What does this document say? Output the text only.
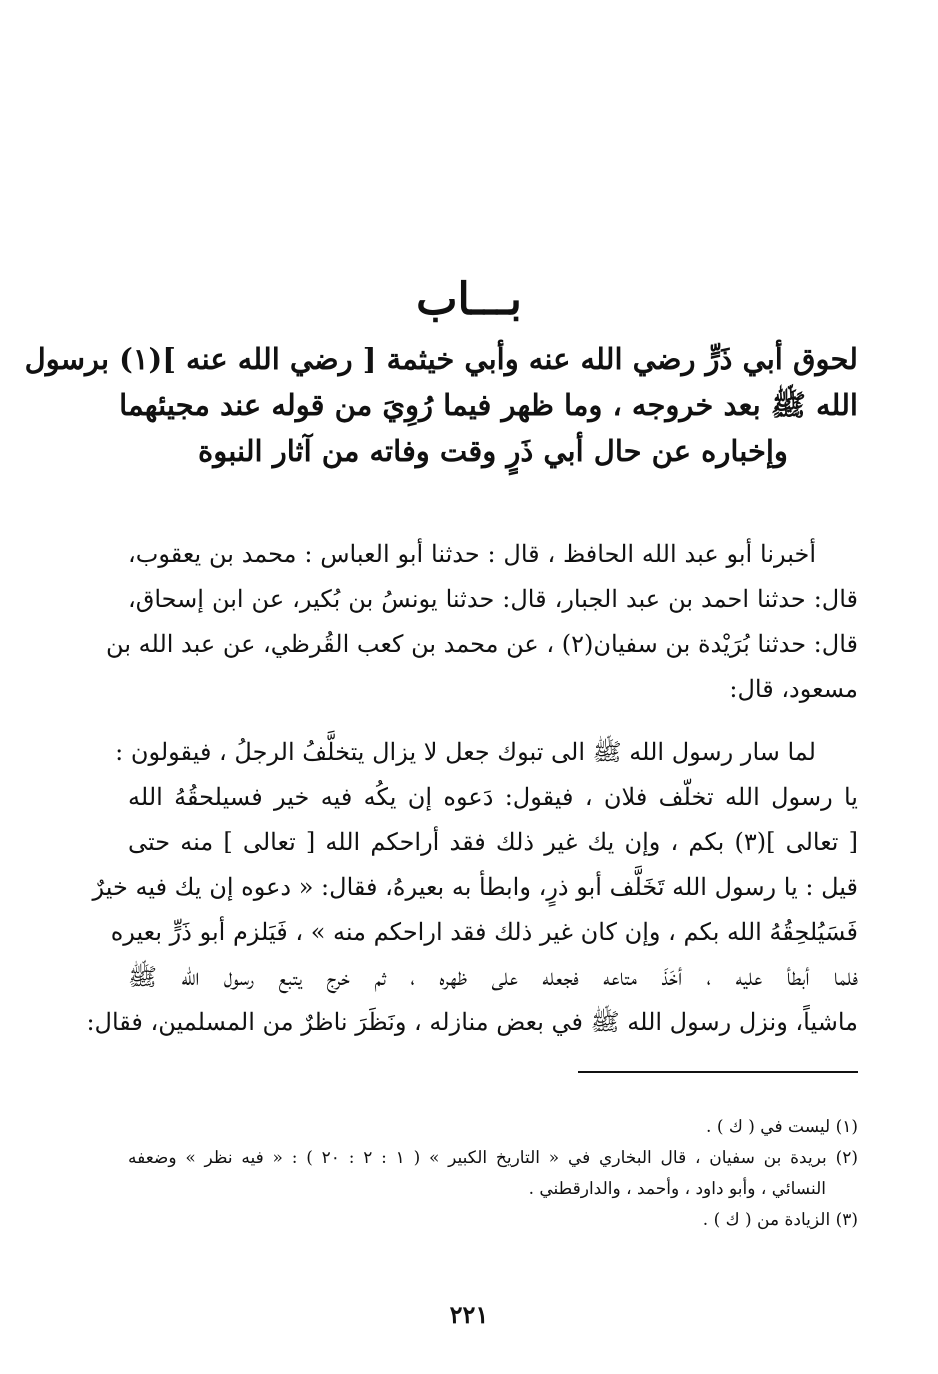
بـــاب
لحوق أبي ذَرٍّ رضي الله عنه وأبي خيثمة [ رضي الله عنه ](١) برسول
الله ﷺ بعد خروجه ، وما ظهر فيما رُوِيَ من قوله عند مجيئهما
وإخباره عن حال أبي ذَرٍ وقت وفاته من آثار النبوة
أخبرنا أبو عبد الله الحافظ ، قال : حدثنا أبو العباس : محمد بن يعقوب،
قال: حدثنا احمد بن عبد الجبار، قال: حدثنا يونسُ بن بُكير، عن ابن إسحاق،
قال: حدثنا بُرَيْدة بن سفيان(٢) ، عن محمد بن كعب القُرظي، عن عبد الله بن
مسعود، قال:
لما سار رسول الله ﷺ الى تبوك جعل لا يزال يتخلَّفُ الرجلُ ، فيقولون :
يا رسول الله تخلّف فلان ، فيقول: دَعوه إن يكُه فيه خير فسيلحقُهُ الله
[ تعالى ](٣) بكم ، وإن يك غير ذلك فقد أراحكم الله [ تعالى ] منه حتى
قيل : يا رسول الله تَخَلَّف أبو ذرٍ، وابطأ به بعيرهُ، فقال: « دعوه إن يك فيه خيرٌ
فَسَيُلحِقُهُ الله بكم ، وإن كان غير ذلك فقد اراحكم منه » ، فَيَلزم أبو ذَرٍّ بعيره
فلما أبطأ عليه ، أخَذَ متاعه فجعله على ظهره ، ثم خرج يتبع رسول الله ﷺ
ماشياً، ونزل رسول الله ﷺ في بعض منازله ، ونَظَرَ ناظرٌ من المسلمين، فقال:
(١) ليست في ( ك ) .
(٢) بريدة بن سفيان ، قال البخاري في « التاريخ الكبير » ( ١ : ٢ : ٢٠ ) : « فيه نظر » وضعفه
النسائي ، وأبو داود ، وأحمد ، والدارقطني .
(٣) الزيادة من ( ك ) .
٢٢١
